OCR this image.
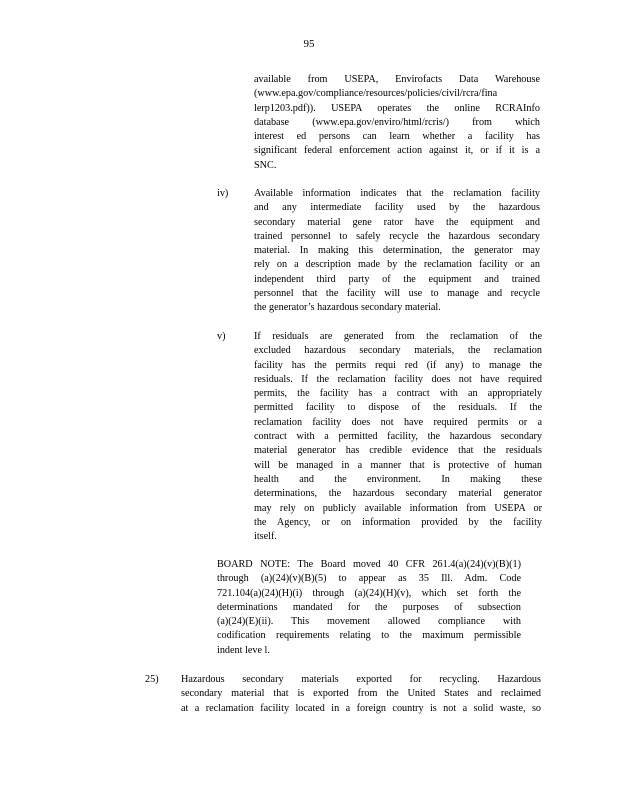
95
available from USEPA, Envirofacts Data Warehouse
(www.epa.gov/compliance/resources/policies/civil/rcra/fina
lerp1203.pdf)). USEPA operates the online RCRAInfo
database (www.epa.gov/enviro/html/rcris/) from which
interest ed persons can learn whether a facility has
significant federal enforcement action against it, or if it is a
SNC.
iv)	Available information indicates that the reclamation facility
and any intermediate facility used by the hazardous
secondary material gene rator have the equipment and
trained personnel to safely recycle the hazardous secondary
material. In making this determination, the generator may
rely on a description made by the reclamation facility or an
independent third party of the equipment and trained
personnel that the facility will use to manage and recycle
the generator’s hazardous secondary material.
v)	If residuals are generated from the reclamation of the
excluded hazardous secondary materials, the reclamation
facility has the permits requi red (if any) to manage the
residuals. If the reclamation facility does not have required
permits, the facility has a contract with an appropriately
permitted facility to dispose of the residuals. If the
reclamation facility does not have required permits or a
contract with a permitted facility, the hazardous secondary
material generator has credible evidence that the residuals
will be managed in a manner that is protective of human
health and the environment. In making these
determinations, the hazardous secondary material generator
may rely on publicly available information from USEPA or
the Agency, or on information provided by the facility
itself.
BOARD NOTE: The Board moved 40 CFR 261.4(a)(24)(v)(B)(1)
through (a)(24)(v)(B)(5) to appear as 35 Ill. Adm. Code
721.104(a)(24)(H)(i) through (a)(24)(H)(v), which set forth the
determinations mandated for the purposes of subsection
(a)(24)(E)(ii). This movement allowed compliance with
codification requirements relating to the maximum permissible
indent leve l.
25) Hazardous secondary materials exported for recycling. Hazardous
secondary material that is exported from the United States and reclaimed
at a reclamation facility located in a foreign country is not a solid waste, so
